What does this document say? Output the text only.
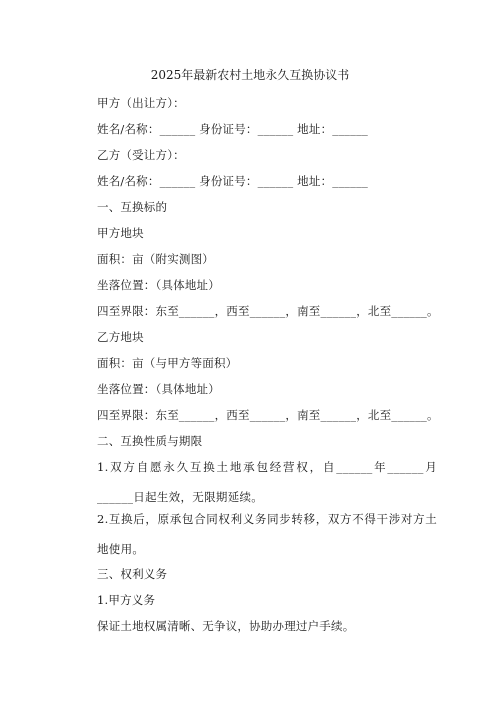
2025年最新农村土地永久互换协议书
甲方（出让方）：
姓名/名称：______ 身份证号：______ 地址：______
乙方（受让方）：
姓名/名称：______ 身份证号：______ 地址：______
一、互换标的
甲方地块
面积：亩（附实测图）
坐落位置：（具体地址）
四至界限：东至______，西至______，南至______，北至______。
乙方地块
面积：亩（与甲方等面积）
坐落位置：（具体地址）
四至界限：东至______，西至______，南至______，北至______。
二、互换性质与期限
1.双方自愿永久互换土地承包经营权，自______年______月______日起生效，无限期延续。
2.互换后，原承包合同权利义务同步转移，双方不得干涉对方土地使用。
三、权利义务
1.甲方义务
保证土地权属清晰、无争议，协助办理过户手续。
